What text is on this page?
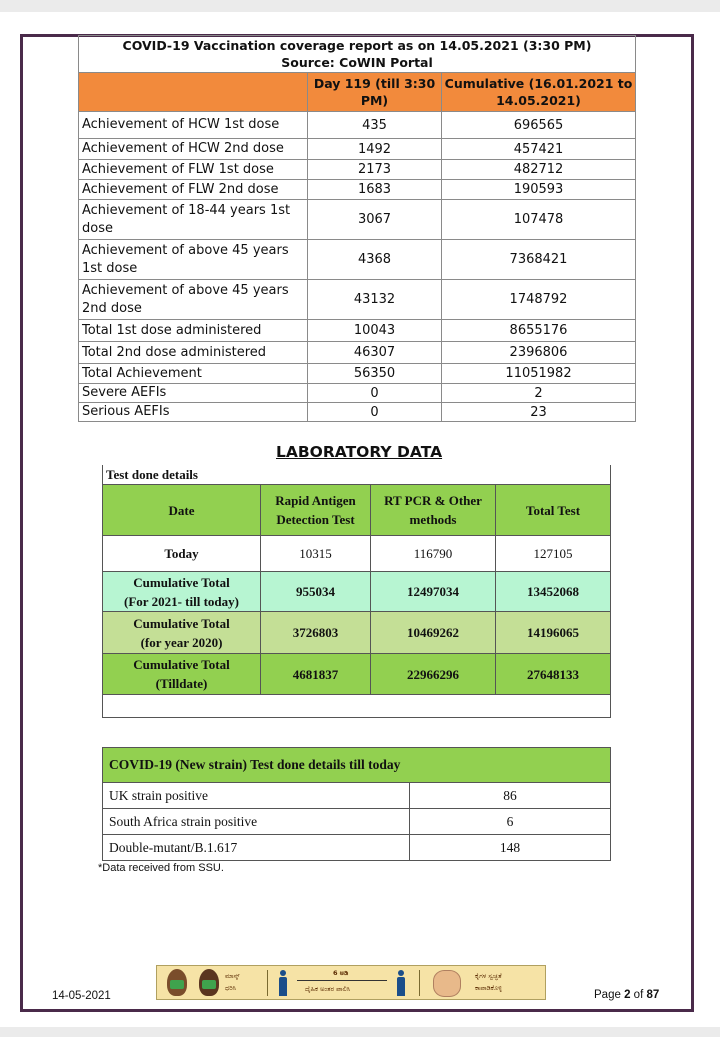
COVID-19 Vaccination coverage report as on 14.05.2021 (3:30 PM)
Source: CoWIN Portal		

	Day 119 (till 3:30 PM)	Cumulative (16.01.2021 to 14.05.2021)
Achievement of HCW 1st dose	435	696565
Achievement of HCW 2nd dose	1492	457421
Achievement of FLW 1st dose	2173	482712
Achievement of FLW 2nd dose	1683	190593
Achievement of 18-44 years 1st dose	3067	107478
Achievement of above 45 years 1st dose	4368	7368421
Achievement of above 45 years 2nd dose	43132	1748792
Total 1st dose administered	10043	8655176
Total 2nd dose administered	46307	2396806
Total Achievement	56350	11051982
Severe AEFIs	0	2
Serious AEFIs	0	23
LABORATORY DATA
Test done details			
Date	Rapid Antigen Detection Test	RT PCR & Other methods	Total Test
Today	10315	116790	127105

Cumulative Total
(For 2021- till today)	955034	12497034	13452068

Cumulative Total
(for year 2020)	3726803	10469262	14196065

Cumulative Total
(Tilldate)	4681837	22966296	27648133

COVID-19 (New strain) Test done details till today	
UK strain positive	86
South Africa strain positive	6
Double-mutant/B.1.617	148
*Data received from SSU.
14-05-2021
ಮಾಸ್ಕ್
ಧರಿಸಿ
6 ಅಡಿ
ದೈಹಿಕ ಅಂತರ ಪಾಲಿಸಿ
ಕೈಗಳ ಸ್ವಚ್ಛತೆ
ಕಾಪಾಡಿಕೊಳ್ಳಿ
Page 2 of 87
